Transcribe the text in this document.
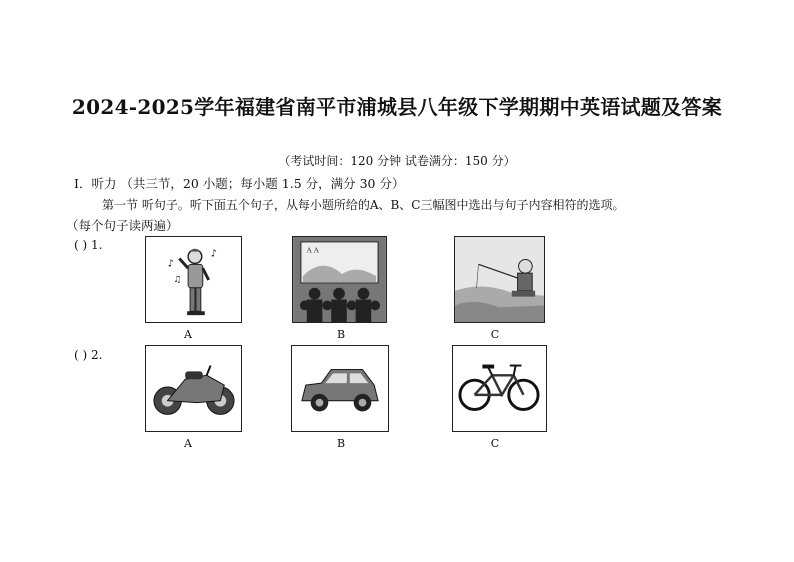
2024-2025学年福建省南平市浦城县八年级下学期期中英语试题及答案
（考试时间：120 分钟 试卷满分：150 分）
Ⅰ．听力 （共三节，20 小题；每小题 1.5 分，满分 30 分）
第一节 听句子。听下面五个句子，从每小题所给的A、B、C三幅图中选出与句子内容相符的选项。
（每个句子读两遍）
( ) 1.
♪
♫
♪
A
A A
B	C
( ) 2.
A	B	C
